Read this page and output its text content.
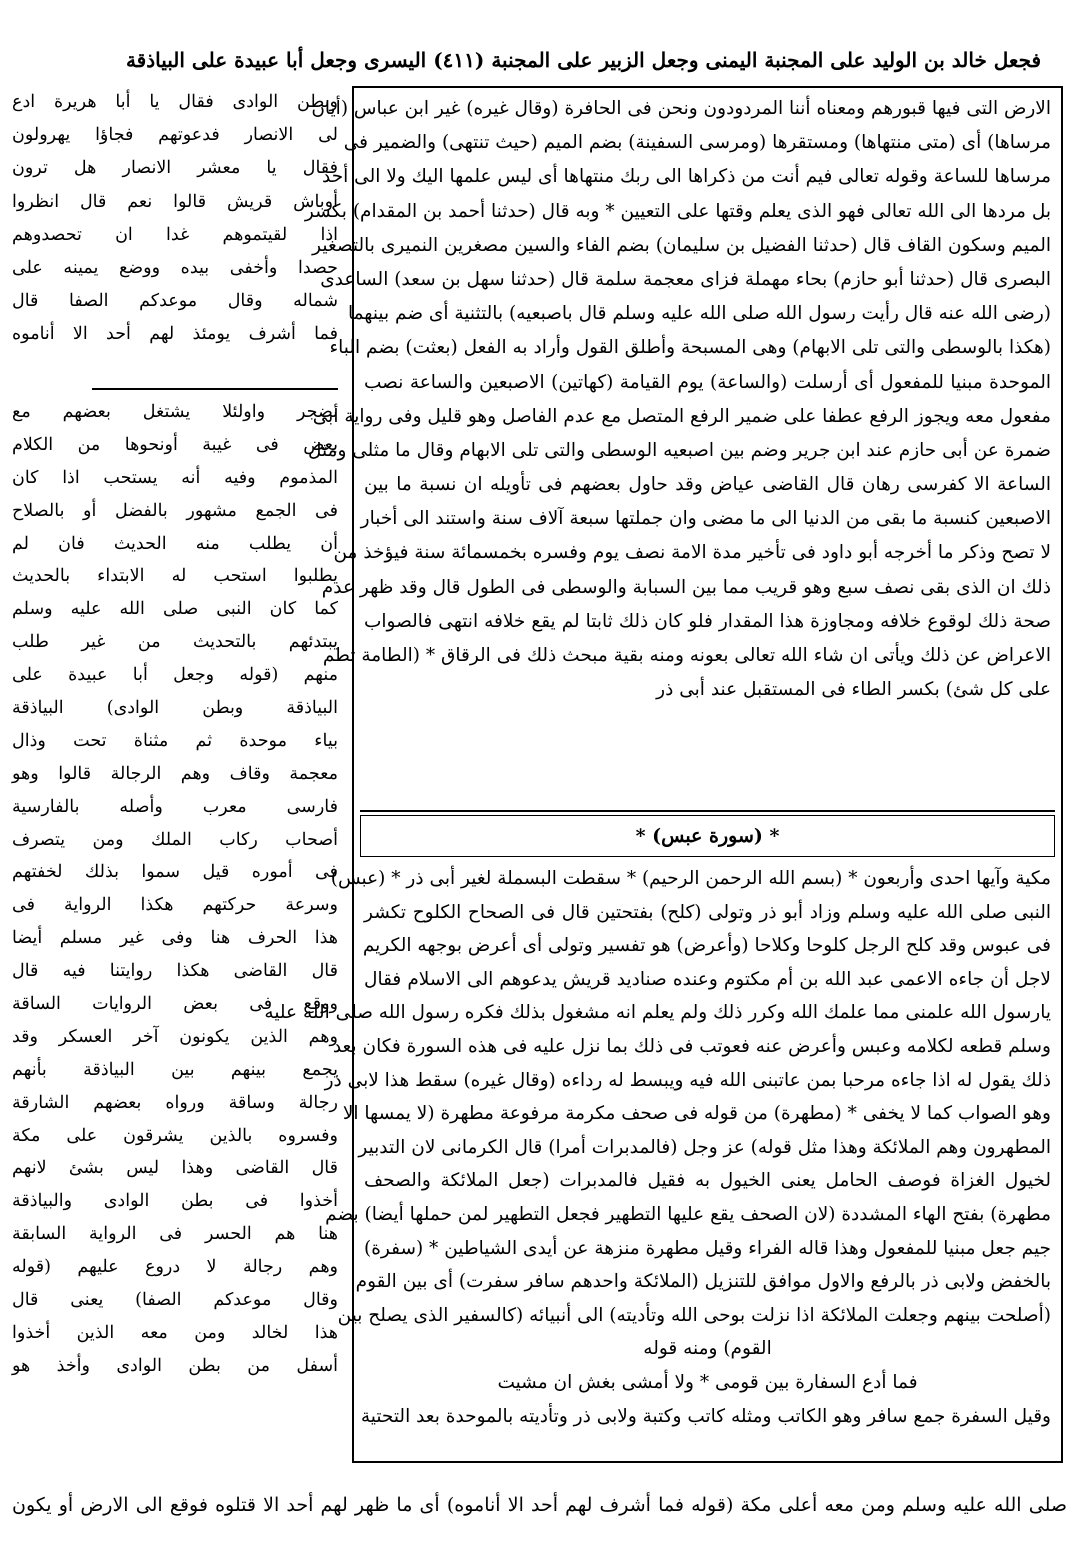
فجعل خالد بن الوليد على المجنبة اليمنى وجعل الزبير على المجنبة (٤١١) اليسرى وجعل أبا عبيدة على البياذقة
الارض التى فيها قبورهم ومعناه أننا المردودون ونحن فى الحافرة (وقال غيره) غير ابن عباس (أيان
مرساها) أى (متى منتهاها) ومستقرها (ومرسى السفينة) بضم الميم (حيث تنتهى) والضمير فى
مرساها للساعة وقوله تعالى فيم أنت من ذكراها الى ربك منتهاها أى ليس علمها اليك ولا الى أحد
بل مردها الى الله تعالى فهو الذى يعلم وقتها على التعيين * وبه قال (حدثنا أحمد بن المقدام) بكسر
الميم وسكون القاف قال (حدثنا الفضيل بن سليمان) بضم الفاء والسين مصغرين النميرى بالتصغير
البصرى قال (حدثنا أبو حازم) بحاء مهملة فزاى معجمة سلمة قال (حدثنا سهل بن سعد) الساعدى
(رضى الله عنه قال رأيت رسول الله صلى الله عليه وسلم قال باصبعيه) بالتثنية أى ضم بينهما
(هكذا بالوسطى والتى تلى الابهام) وهى المسبحة وأطلق القول وأراد به الفعل (بعثت) بضم الباء
الموحدة مبنيا للمفعول أى أرسلت (والساعة) يوم القيامة (كهاتين) الاصبعين والساعة نصب
مفعول معه ويجوز الرفع عطفا على ضمير الرفع المتصل مع عدم الفاصل وهو قليل وفى رواية أبى
ضمرة عن أبى حازم عند ابن جرير وضم بين اصبعيه الوسطى والتى تلى الابهام وقال ما مثلى ومثل
الساعة الا كفرسى رهان قال القاضى عياض وقد حاول بعضهم فى تأويله ان نسبة ما بين
الاصبعين كنسبة ما بقى من الدنيا الى ما مضى وان جملتها سبعة آلاف سنة واستند الى أخبار
لا تصح وذكر ما أخرجه أبو داود فى تأخير مدة الامة نصف يوم وفسره بخمسمائة سنة فيؤخذ من
ذلك ان الذى بقى نصف سبع وهو قريب مما بين السبابة والوسطى فى الطول قال وقد ظهر عدم
صحة ذلك لوقوع خلافه ومجاوزة هذا المقدار فلو كان ذلك ثابتا لم يقع خلافه انتهى فالصواب
الاعراض عن ذلك ويأتى ان شاء الله تعالى بعونه ومنه بقية مبحث ذلك فى الرقاق * (الطامة تطم
على كل شئ) بكسر الطاء فى المستقبل عند أبى ذر
* (سورة عبس) *
مكية وآيها احدى وأربعون * (بسم الله الرحمن الرحيم) * سقطت البسملة لغير أبى ذر * (عبس)
النبى صلى الله عليه وسلم وزاد أبو ذر وتولى (كلح) بفتحتين قال فى الصحاح الكلوح تكشر
فى عبوس وقد كلح الرجل كلوحا وكلاحا (وأعرض) هو تفسير وتولى أى أعرض بوجهه الكريم
لاجل أن جاءه الاعمى عبد الله بن أم مكتوم وعنده صناديد قريش يدعوهم الى الاسلام فقال
يارسول الله علمنى مما علمك الله وكرر ذلك ولم يعلم انه مشغول بذلك فكره رسول الله صلى الله عليه
وسلم قطعه لكلامه وعبس وأعرض عنه فعوتب فى ذلك بما نزل عليه فى هذه السورة فكان بعد
ذلك يقول له اذا جاءه مرحبا بمن عاتبنى الله فيه ويبسط له رداءه (وقال غيره) سقط هذا لابى ذر
وهو الصواب كما لا يخفى * (مطهرة) من قوله فى صحف مكرمة مرفوعة مطهرة (لا يمسها الا
المطهرون وهم الملائكة وهذا مثل قوله) عز وجل (فالمدبرات أمرا) قال الكرمانى لان التدبير
لخيول الغزاة فوصف الحامل يعنى الخيول به فقيل فالمدبرات (جعل الملائكة والصحف
مطهرة) بفتح الهاء المشددة (لان الصحف يقع عليها التطهير فجعل التطهير لمن حملها أيضا) بضم
جيم جعل مبنيا للمفعول وهذا قاله الفراء وقيل مطهرة منزهة عن أيدى الشياطين * (سفرة)
بالخفض ولابى ذر بالرفع والاول موافق للتنزيل (الملائكة واحدهم سافر سفرت) أى بين القوم
(أصلحت بينهم وجعلت الملائكة اذا نزلت بوحى الله وتأديته) الى أنبيائه (كالسفير الذى يصلح بين
القوم) ومنه قوله
فما أدع السفارة بين قومى * ولا أمشى بغش ان مشيت
وقيل السفرة جمع سافر وهو الكاتب ومثله كاتب وكتبة ولابى ذر وتأديته بالموحدة بعد التحتية
وبطن الوادى فقال يا أبا هريرة ادع
لى الانصار فدعوتهم فجاؤا يهرولون
فقال يا معشر الانصار هل ترون
أوباش قريش قالوا نعم قال انظروا
اذا لقيتموهم غدا ان تحصدوهم
حصدا وأخفى بيده ووضع يمينه على
شماله وقال موعدكم الصفا قال
فما أشرف يومئذ لهم أحد الا أناموه
بضجر واولئلا يشتغل بعضهم مع
بعض فى غيبة أونحوها من الكلام
المذموم وفيه أنه يستحب اذا كان
فى الجمع مشهور بالفضل أو بالصلاح
أن يطلب منه الحديث فان لم
يطلبوا استحب له الابتداء بالحديث
كما كان النبى صلى الله عليه وسلم
يبتدئهم بالتحديث من غير طلب
منهم (قوله وجعل أبا عبيدة على
البياذقة وبطن الوادى) البياذقة
بياء موحدة ثم مثناة تحت وذال
معجمة وقاف وهم الرجالة قالوا وهو
فارسى معرب وأصله بالفارسية
أصحاب ركاب الملك ومن يتصرف
فى أموره قيل سموا بذلك لخفتهم
وسرعة حركتهم هكذا الرواية فى
هذا الحرف هنا وفى غير مسلم أيضا
قال القاضى هكذا روايتنا فيه قال
ووقع فى بعض الروايات الساقة
وهم الذين يكونون آخر العسكر وقد
يجمع بينهم بين البياذقة بأنهم
رجالة وساقة ورواه بعضهم الشارقة
وفسروه بالذين يشرقون على مكة
قال القاضى وهذا ليس بشئ لانهم
أخذوا فى بطن الوادى والبياذقة
هنا هم الحسر فى الرواية السابقة
وهم رجالة لا دروع عليهم (قوله
وقال موعدكم الصفا) يعنى قال
هذا لخالد ومن معه الذين أخذوا
أسفل من بطن الوادى وأخذ هو
صلى الله عليه وسلم ومن معه أعلى مكة (قوله فما أشرف لهم أحد الا أناموه) أى ما ظهر لهم أحد الا قتلوه فوقع الى الارض أو يكون
